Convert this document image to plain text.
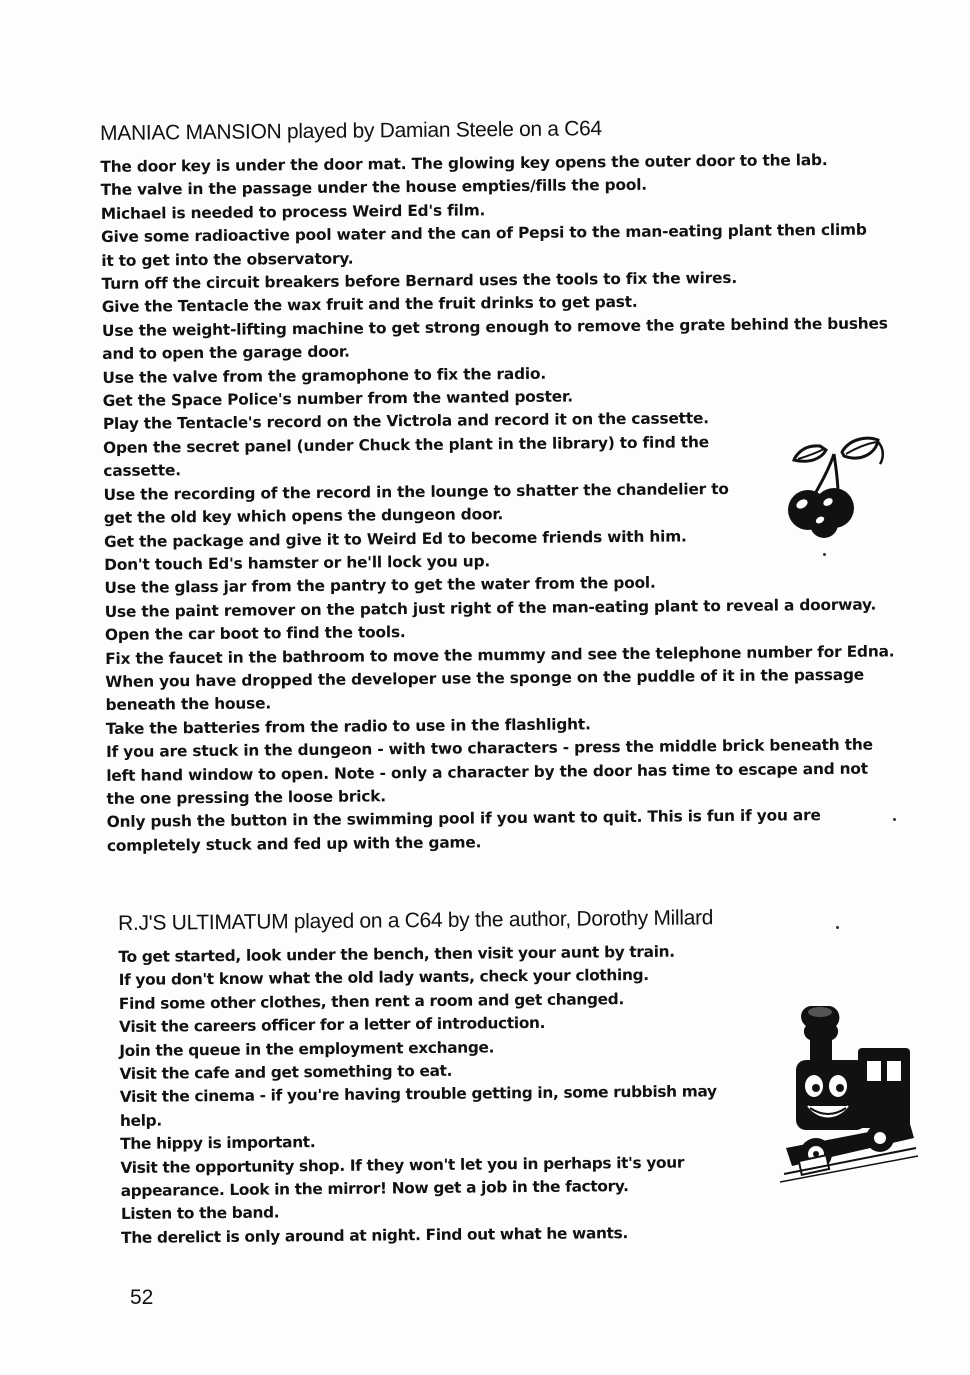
MANIAC MANSION played by Damian Steele on a C64
The door key is under the door mat. The glowing key opens the outer door to the lab.
The valve in the passage under the house empties/fills the pool.
Michael is needed to process Weird Ed's film.
Give some radioactive pool water and the can of Pepsi to the man-eating plant then climb
it to get into the observatory.
Turn off the circuit breakers before Bernard uses the tools to fix the wires.
Give the Tentacle the wax fruit and the fruit drinks to get past.
Use the weight-lifting machine to get strong enough to remove the grate behind the bushes
and to open the garage door.
Use the valve from the gramophone to fix the radio.
Get the Space Police's number from the wanted poster.
Play the Tentacle's record on the Victrola and record it on the cassette.
Open the secret panel (under Chuck the plant in the library) to find the
cassette.
Use the recording of the record in the lounge to shatter the chandelier to
get the old key which opens the dungeon door.
Get the package and give it to Weird Ed to become friends with him.
Don't touch Ed's hamster or he'll lock you up.
Use the glass jar from the pantry to get the water from the pool.
Use the paint remover on the patch just right of the man-eating plant to reveal a doorway.
Open the car boot to find the tools.
Fix the faucet in the bathroom to move the mummy and see the telephone number for Edna.
When you have dropped the developer use the sponge on the puddle of it in the passage
beneath the house.
Take the batteries from the radio to use in the flashlight.
If you are stuck in the dungeon - with two characters - press the middle brick beneath the
left hand window to open. Note - only a character by the door has time to escape and not
the one pressing the loose brick.
Only push the button in the swimming pool if you want to quit. This is fun if you are
completely stuck and fed up with the game.
R.J'S ULTIMATUM played on a C64 by the author, Dorothy Millard
To get started, look under the bench, then visit your aunt by train.
If you don't know what the old lady wants, check your clothing.
Find some other clothes, then rent a room and get changed.
Visit the careers officer for a letter of introduction.
Join the queue in the employment exchange.
Visit the cafe and get something to eat.
Visit the cinema - if you're having trouble getting in, some rubbish may
help.
The hippy is important.
Visit the opportunity shop. If they won't let you in perhaps it's your
appearance. Look in the mirror! Now get a job in the factory.
Listen to the band.
The derelict is only around at night. Find out what he wants.
52
